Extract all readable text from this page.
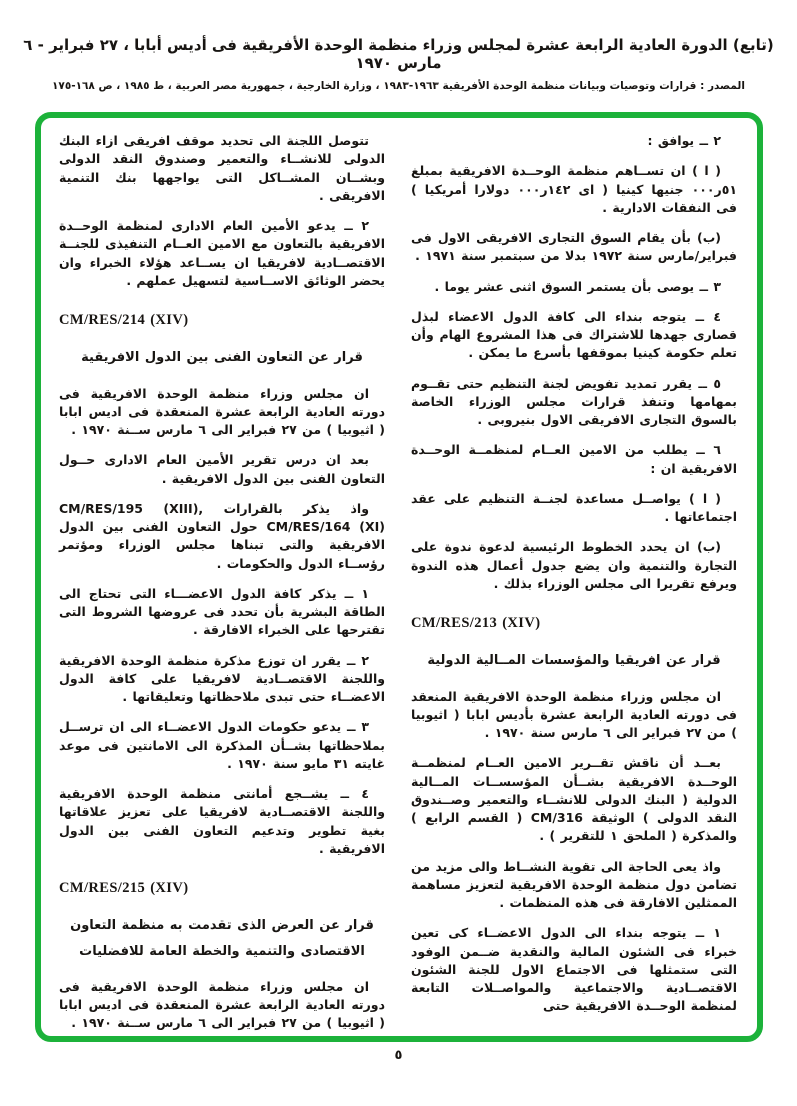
(تابع) الدورة العادية الرابعة عشرة لمجلس وزراء منظمة الوحدة الأفريقية فى أديس أبابا ، ٢٧ فبراير - ٦ مارس ١٩٧٠
المصدر : قرارات وتوصيات وبيانات منظمة الوحدة الأفريقية ١٩٦٣-١٩٨٣ ، وزارة الخارجية ، جمهورية مصر العربية ، ط ١٩٨٥ ، ص ١٦٨-١٧٥

٢ ــ يوافق :

( ا ) ان تســاهم منظمة الوحــدة الافريقية بمبلغ ٥١ر٠٠٠ جنيها كينيا ( اى ١٤٢ر٠٠٠ دولارا أمريكيا ) فى النفقات الادارية .

(ب) بأن يقام السوق التجارى الافريقى الاول فى فبراير/مارس سنة ١٩٧٢ بدلا من سبتمبر سنة ١٩٧١ .

٣ ــ يوصى بأن يستمر السوق اثنى عشر يوما .

٤ ــ يتوجه بنداء الى كافة الدول الاعضاء لبذل قصارى جهدها للاشتراك فى هذا المشروع الهام وأن تعلم حكومة كينيا بموقفها بأسرع ما يمكن .

٥ ــ يقرر تمديد تفويض لجنة التنظيم حتى تقــوم بمهامها وتنفذ قرارات مجلس الوزراء الخاصة بالسوق التجارى الافريقى الاول بنيروبى .

٦ ــ يطلب من الامين العــام لمنظمــة الوحــدة الافريقية ان :

( ا ) يواصــل مساعدة لجنــة التنظيم على عقد اجتماعاتها .

(ب) ان يحدد الخطوط الرئيسية لدعوة ندوة على التجارة والتنمية وان يضع جدول أعمال هذه الندوة ويرفع تقريرا الى مجلس الوزراء بذلك .

CM/RES/213 (XIV)

قرار عن افريقيا والمؤسسات المــالية الدولية

ان مجلس وزراء منظمة الوحدة الافريقية المنعقد فى دورته العادية الرابعة عشرة بأديس ابابا ( اثيوبيا ) من ٢٧ فبراير الى ٦ مارس سنة ١٩٧٠ .

بعــد أن ناقش تقــرير الامين العــام لمنظمــة الوحــدة الافريقية بشــأن المؤسســات المــالية الدولية ( البنك الدولى للانشــاء والتعمير وصــندوق النقد الدولى ) الوثيقة CM/316 ( القسم الرابع ) والمذكرة ( الملحق ١ للتقرير ) .

واذ يعى الحاجة الى تقوية النشــاط والى مزيد من تضامن دول منظمة الوحدة الافريقية لتعزيز مساهمة الممثلين الافارقة فى هذه المنظمات .

١ ــ يتوجه بنداء الى الدول الاعضــاء كى تعين خبراء فى الشئون المالية والنقدية ضــمن الوفود التى ستمثلها فى الاجتماع الاول للجنة الشئون الاقتصــادية والاجتماعية والمواصــلات التابعة لمنظمة الوحــدة الافريقية حتى

تتوصل اللجنة الى تحديد موقف افريقى ازاء البنك الدولى للانشــاء والتعمير وصندوق النقد الدولى وبشــان المشــاكل التى يواجهها بنك التنمية الافريقى .

٢ ــ يدعو الأمين العام الادارى لمنظمة الوحــدة الافريقية بالتعاون مع الامين العــام التنفيذى للجنــة الاقتصــادية لافريقيا ان يســاعد هؤلاء الخبراء وان يحضر الوثائق الاســاسية لتسهيل عملهم .

CM/RES/214 (XIV)

قرار عن التعاون الفنى بين الدول الافريقية

ان مجلس وزراء منظمة الوحدة الافريقية فى دورته العادية الرابعة عشرة المنعقدة فى اديس ابابا ( اثيوبيا ) من ٢٧ فبراير الى ٦ مارس ســنة ١٩٧٠ .

بعد ان درس تقرير الأمين العام الادارى حــول التعاون الفنى بين الدول الافريقية .

واذ يذكر بالقرارات CM/RES/195 (XIII), CM/RES/164 (XI) حول التعاون الفنى بين الدول الافريقية والتى تبناها مجلس الوزراء ومؤتمر رؤســاء الدول والحكومات .

١ ــ يذكر كافة الدول الاعضـــاء التى تحتاج الى الطاقة البشرية بأن تحدد فى عروضها الشروط التى تقترحها على الخبراء الافارقة .

٢ ــ يقرر ان توزع مذكرة منظمة الوحدة الافريقية واللجنة الاقتصــادية لافريقيا على كافة الدول الاعضــاء حتى تبدى ملاحظاتها وتعليقاتها .

٣ ــ يدعو حكومات الدول الاعضــاء الى ان ترســل بملاحظاتها بشــأن المذكرة الى الامانتين فى موعد غايته ٣١ مايو سنة ١٩٧٠ .

٤ ــ يشــجع أمانتى منظمة الوحدة الافريقية واللجنة الاقتصــادية لافريقيا على تعزيز علاقاتها بغية تطوير وتدعيم التعاون الفنى بين الدول الافريقية .

CM/RES/215 (XIV)

قرار عن العرض الذى تقدمت به منظمة التعاون الاقتصادى والتنمية والخطة العامة للافضليات

ان مجلس وزراء منظمة الوحدة الافريقية فى دورته العادية الرابعة عشرة المنعقدة فى اديس ابابا ( اثيوبيا ) من ٢٧ فبراير الى ٦ مارس ســنة ١٩٧٠ .

٥
